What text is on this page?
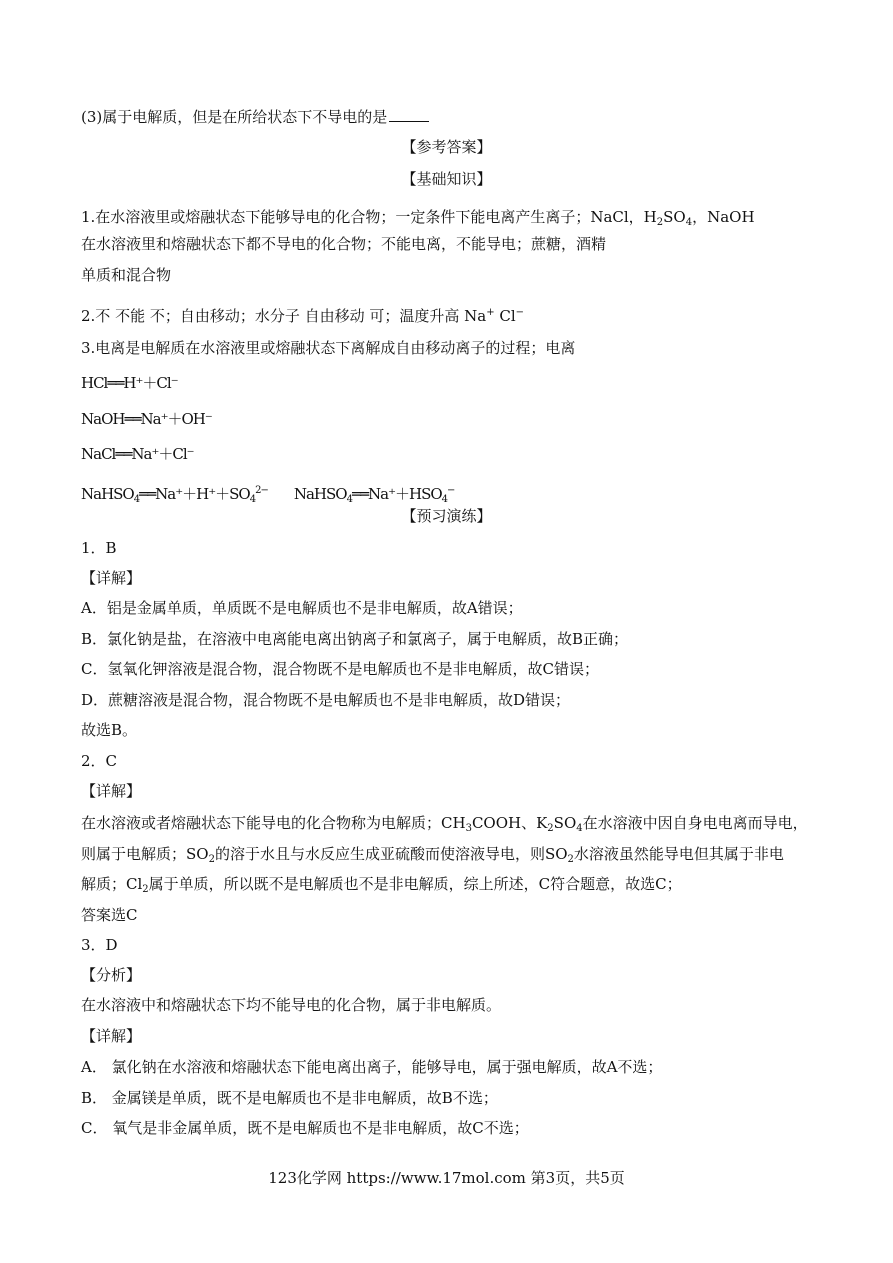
(3)属于电解质，但是在所给状态下不导电的是
【参考答案】
【基础知识】
1.在水溶液里或熔融状态下能够导电的化合物；一定条件下能电离产生离子；NaCl，$H_2SO_4$，NaOH
在水溶液里和熔融状态下都不导电的化合物；不能电离，不能导电；蔗糖，酒精
单质和混合物
2.不 不能 不；自由移动；水分子 自由移动 可；温度升高 Na+ Cl−
3.电离是电解质在水溶液里或熔融状态下离解成自由移动离子的过程；电离
HCl══H⁺＋Cl⁻
NaOH══Na⁺＋OH⁻
NaCl══Na⁺＋Cl⁻
$NaHSO_4══Na^++H^++SO_4^{2-}$ $NaHSO_4══Na^++HSO_4^-$
【预习演练】
1．B
【详解】
A．铝是金属单质，单质既不是电解质也不是非电解质，故A错误；
B．氯化钠是盐，在溶液中电离能电离出钠离子和氯离子，属于电解质，故B正确；
C．氢氧化钾溶液是混合物，混合物既不是电解质也不是非电解质，故C错误；
D．蔗糖溶液是混合物，混合物既不是电解质也不是非电解质，故D错误；
故选B。
2．C
【详解】
在水溶液或者熔融状态下能导电的化合物称为电解质；$CH_3COOH$、$K_2SO_4$在水溶液中因自身电电离而导电，
则属于电解质；$SO_2$的溶于水且与水反应生成亚硫酸而使溶液导电，则$SO_2$水溶液虽然能导电但其属于非电
解质；$Cl_2$属于单质，所以既不是电解质也不是非电解质，综上所述，C符合题意，故选C；
答案选C
3．D
【分析】
在水溶液中和熔融状态下均不能导电的化合物，属于非电解质。
【详解】
A． 氯化钠在水溶液和熔融状态下能电离出离子，能够导电，属于强电解质，故A不选；
B． 金属镁是单质，既不是电解质也不是非电解质，故B不选；
C． 氧气是非金属单质，既不是电解质也不是非电解质，故C不选；
123化学网 https://www.17mol.com 第3页，共5页
